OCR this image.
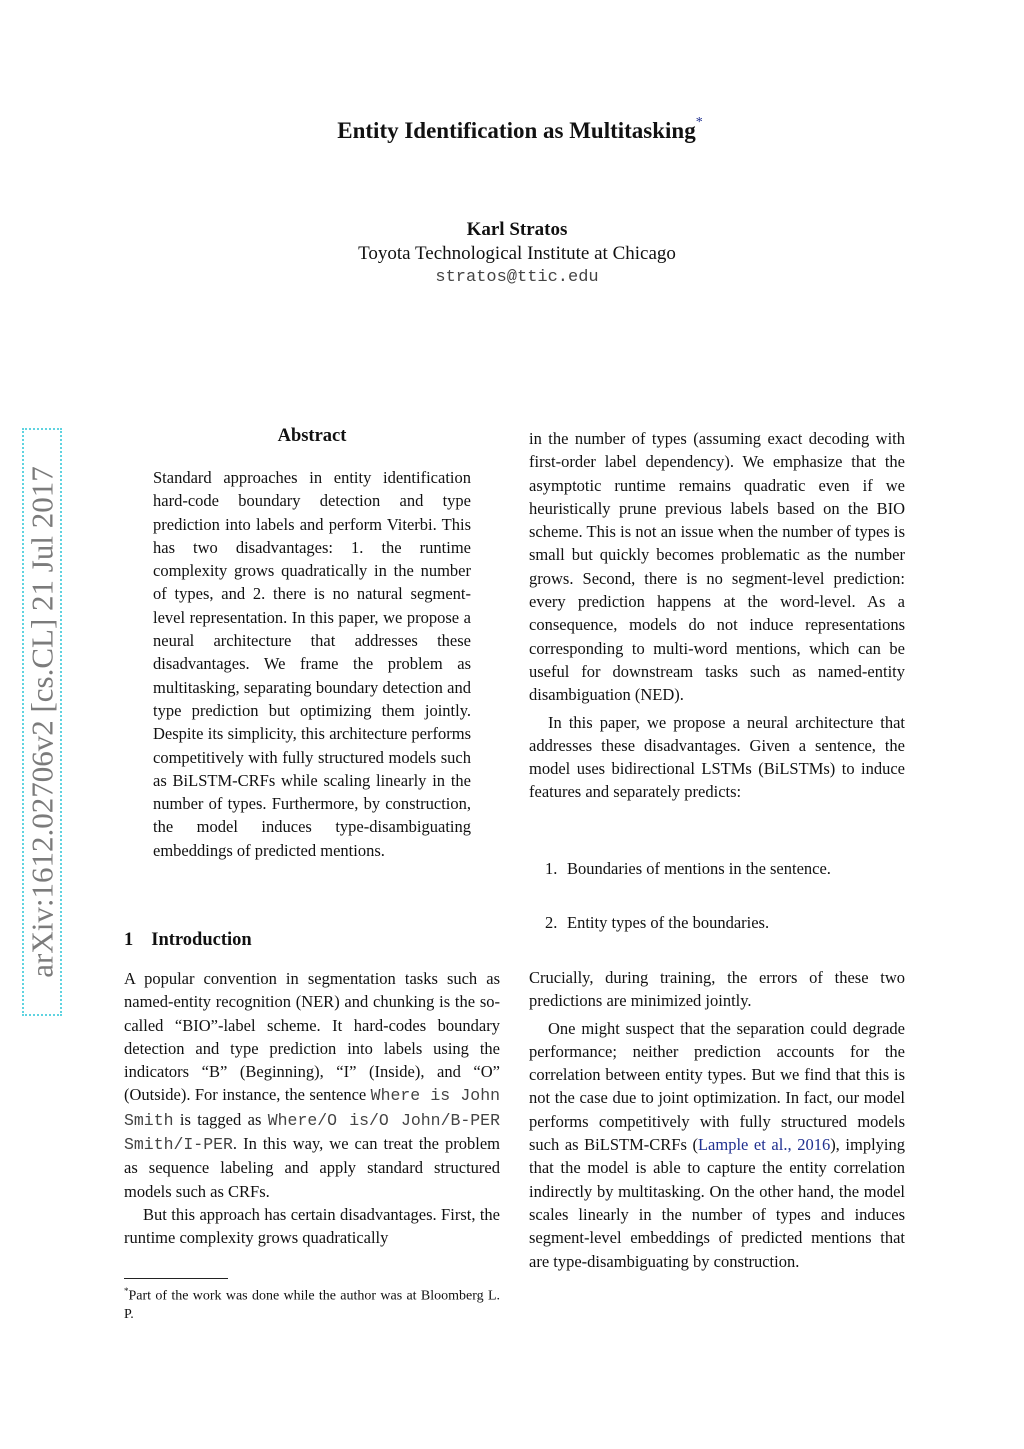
Entity Identification as Multitasking*
Karl Stratos
Toyota Technological Institute at Chicago
stratos@ttic.edu
arXiv:1612.02706v2 [cs.CL] 21 Jul 2017
Abstract

Standard approaches in entity identification hard-code boundary detection and type prediction into labels and perform Viterbi. This has two disadvantages: 1. the runtime complexity grows quadratically in the number of types, and 2. there is no natural segment-level representation. In this paper, we propose a neural architecture that addresses these disadvantages. We frame the problem as multitasking, separating boundary detection and type prediction but optimizing them jointly. Despite its simplicity, this architecture performs competitively with fully structured models such as BiLSTM-CRFs while scaling linearly in the number of types. Furthermore, by construction, the model induces type-disambiguating embeddings of predicted mentions.

1 Introduction

A popular convention in segmentation tasks such as named-entity recognition (NER) and chunking is the so-called “BIO”-label scheme. It hard-codes boundary detection and type prediction into labels using the indicators “B” (Beginning), “I” (Inside), and “O” (Outside). For instance, the sentence Where is John Smith is tagged as Where/O is/O John/B-PER Smith/I-PER. In this way, we can treat the problem as sequence labeling and apply standard structured models such as CRFs.

But this approach has certain disadvantages. First, the runtime complexity grows quadratically

*Part of the work was done while the author was at Bloomberg L. P.

in the number of types (assuming exact decoding with first-order label dependency). We emphasize that the asymptotic runtime remains quadratic even if we heuristically prune previous labels based on the BIO scheme. This is not an issue when the number of types is small but quickly becomes problematic as the number grows. Second, there is no segment-level prediction: every prediction happens at the word-level. As a consequence, models do not induce representations corresponding to multi-word mentions, which can be useful for downstream tasks such as named-entity disambiguation (NED).

In this paper, we propose a neural architecture that addresses these disadvantages. Given a sentence, the model uses bidirectional LSTMs (BiLSTMs) to induce features and separately predicts:

1. Boundaries of mentions in the sentence.
2. Entity types of the boundaries.

Crucially, during training, the errors of these two predictions are minimized jointly.

One might suspect that the separation could degrade performance; neither prediction accounts for the correlation between entity types. But we find that this is not the case due to joint optimization. In fact, our model performs competitively with fully structured models such as BiLSTM-CRFs (Lample et al., 2016), implying that the model is able to capture the entity correlation indirectly by multitasking. On the other hand, the model scales linearly in the number of types and induces segment-level embeddings of predicted mentions that are type-disambiguating by construction.
